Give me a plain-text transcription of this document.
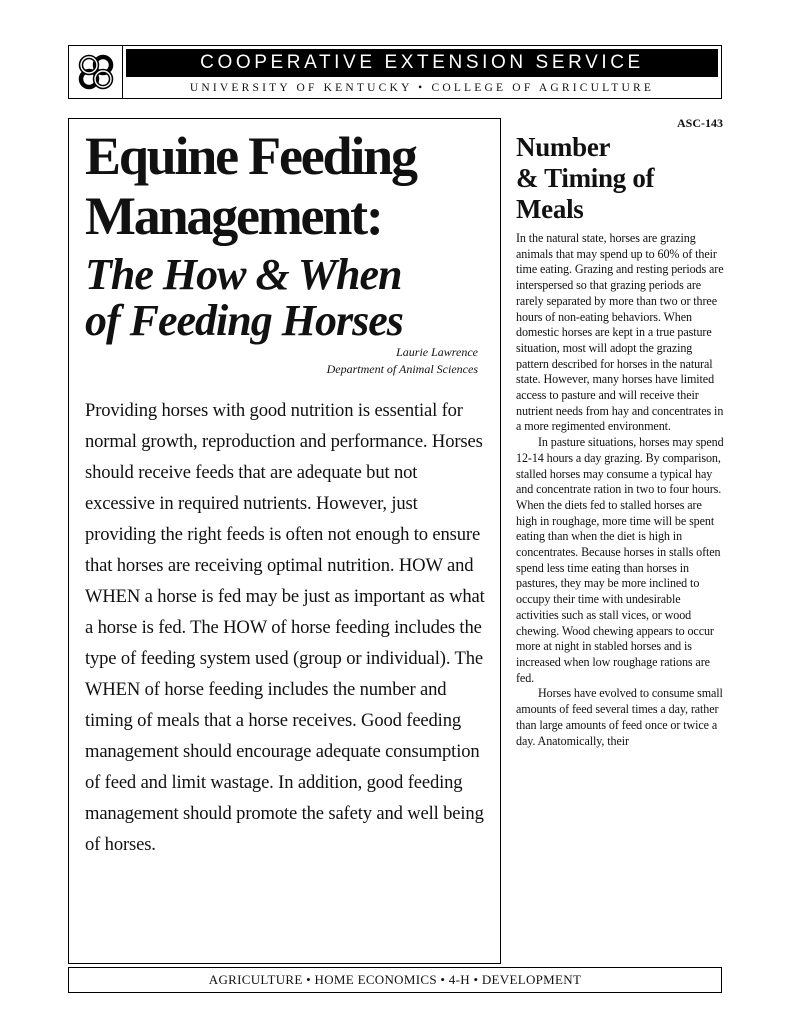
COOPERATIVE EXTENSION SERVICE
UNIVERSITY OF KENTUCKY • COLLEGE OF AGRICULTURE
ASC-143
Equine Feeding
Management:
The How & When
of Feeding Horses
Laurie Lawrence
Department of Animal Sciences

Providing horses with good nutrition is essential for normal growth, reproduction and performance. Horses should receive feeds that are adequate but not excessive in required nutrients. However, just providing the right feeds is often not enough to ensure that horses are receiving optimal nutrition. HOW and WHEN a horse is fed may be just as important as what a horse is fed. The HOW of horse feeding includes the type of feeding system used (group or individual). The WHEN of horse feeding includes the number and timing of meals that a horse receives. Good feeding management should encourage adequate consumption of feed and limit wastage. In addition, good feeding management should promote the safety and well being of horses.

Number
& Timing of
Meals

In the natural state, horses are grazing animals that may spend up to 60% of their time eating. Grazing and resting periods are interspersed so that grazing periods are rarely separated by more than two or three hours of non-eating behaviors. When domestic horses are kept in a true pasture situation, most will adopt the grazing pattern described for horses in the natural state. However, many horses have limited access to pasture and will receive their nutrient needs from hay and concentrates in a more regimented environment.

In pasture situations, horses may spend 12-14 hours a day grazing. By comparison, stalled horses may consume a typical hay and concentrate ration in two to four hours. When the diets fed to stalled horses are high in roughage, more time will be spent eating than when the diet is high in concentrates. Because horses in stalls often spend less time eating than horses in pastures, they may be more inclined to occupy their time with undesirable activities such as stall vices, or wood chewing. Wood chewing appears to occur more at night in stabled horses and is increased when low roughage rations are fed.

Horses have evolved to consume small amounts of feed several times a day, rather than large amounts of feed once or twice a day. Anatomically, their

AGRICULTURE • HOME ECONOMICS • 4-H • DEVELOPMENT
